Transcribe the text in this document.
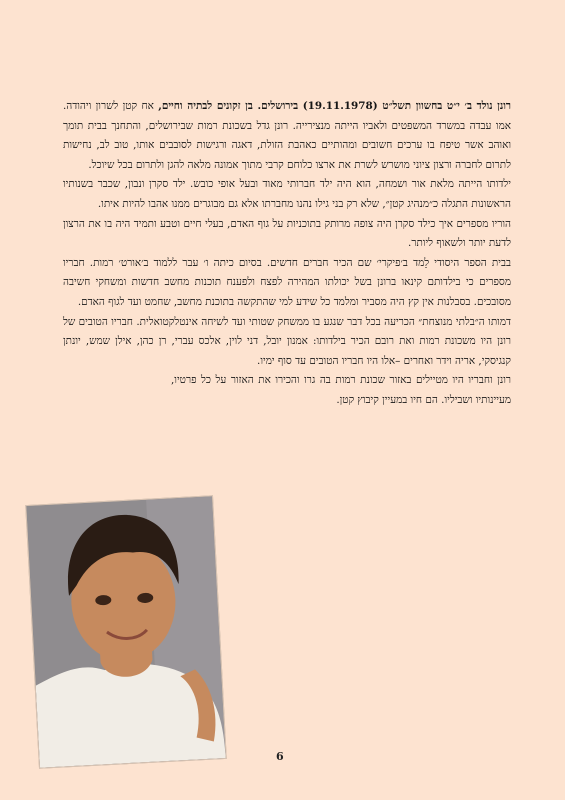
רונן נולד ב׳ י״ט בחשוון תשל״ט (19.11.1978) בירושלים. בן זקונים לבתיה וחיים, אח קטן לשרון ויהודה. אמו עבדה במשרד המשפטים ולאביו הייתה מנצירייה. רונן גדל בשכונת רמות שבירושלים, והתחנך בבית תומך ואוהב אשר טיפח בו ערכים חשובים ומהותיים כאהבת הזולת, דאגה ורגישות לסובבים אותו, טוב לב, נחישות לתרום לחברה ורצון ציוני מושרש לשרת את ארצו כלוחם קרבי מתוך אמונה מלאה להגן ולתרום בכל שיוכל.

ילדותו הייתה מלאת אור ושמחה, הוא היה ילד חברותי מאוד ובעל אופי כובש. ילד סקרן ונבון, שכבר בשנותיו הראשונות התגלה כ״מנהיג קטן״, שלא רק בני גילו נהנו מחברתו אלא גם מבוגרים ממנו אהבו להיות איתו.

הוריו מספרים איך כילד סקרן היה צופה מרותק בתוכניות על גוף האדם, בעלי חיים וטבע ותמיד היה בו את הרצון לדעת יותר ולשאוף ליותר.

בבית הספר היסודי לֵמד ב׳פיקרי׳ שם הכיר חברים חדשים. בסיום כיתה ו׳ עבר ללמוד ב׳אורט׳ רמות. חבריו מספרים כי בילדותם קינאו ברונן בשל יכולתו המהירה לפצח ולפענח תוכנות מחשב חדשות ומשחקי חשיבה מסובכים. בסבלנות אין קץ היה מסביר ומלמד כל שידע למי שהתקשה בתוכנת מחשב, שחמט ועד לגוף האדם.

דמותו ה״בלתי מנוצחת״ הכריעה בכל דבר שנגע בו ממשחק שטותי ועד לשיחה אינטלקטואלית. חבריו הטובים של רונן היו משכונת רמות ואת רובם הכיר בילדותו: אמנון יובל, דני לוין, אלכס עברי, רן כהן, אילן שמש, יונתן קנגיסקי, אריה וידר ואחרים –אלו היו חבריו הטובים עד סוף ימיו.

רונן וחבריו היו מטיילים באזור שכונת רמות בה גרו והכירו את האזור על כל פרטיו, מעיינותיו ושביליו. הם חיו במעיין קיבוץ קטן.

6
